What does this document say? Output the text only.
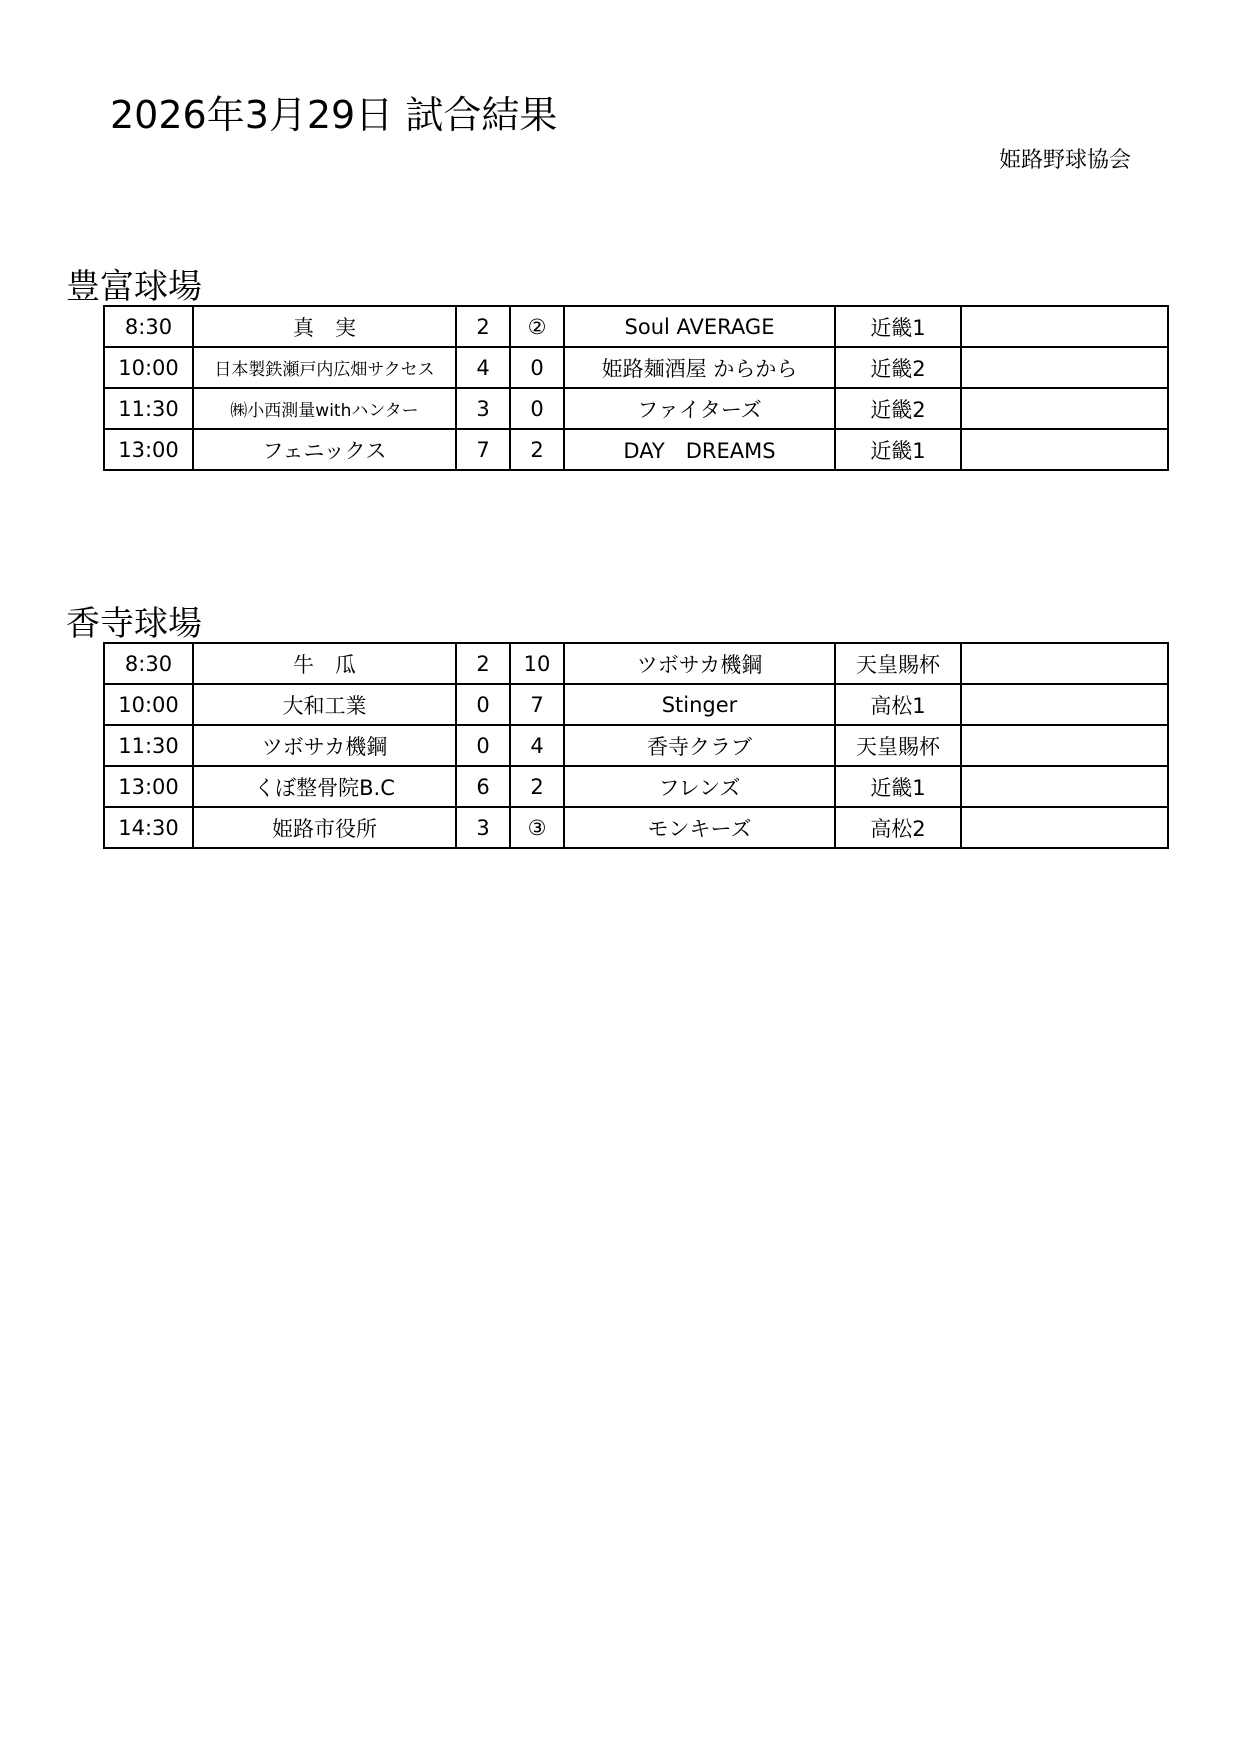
2026年3月29日 試合結果
姫路野球協会
豊富球場
8:30	真　実	2	②	Soul AVERAGE	近畿1	
10:00	日本製鉄瀬戸内広畑サクセス	4	0	姫路麺酒屋 からから	近畿2	
11:30	㈱小西測量withハンター	3	0	ファイターズ	近畿2	
13:00	フェニックス	7	2	DAY　DREAMS	近畿1	
香寺球場
8:30	牛　瓜	2	10	ツボサカ機鋼	天皇賜杯	
10:00	大和工業	0	7	Stinger	高松1	
11:30	ツボサカ機鋼	0	4	香寺クラブ	天皇賜杯	
13:00	くぼ整骨院B.C	6	2	フレンズ	近畿1	
14:30	姫路市役所	3	③	モンキーズ	高松2	
